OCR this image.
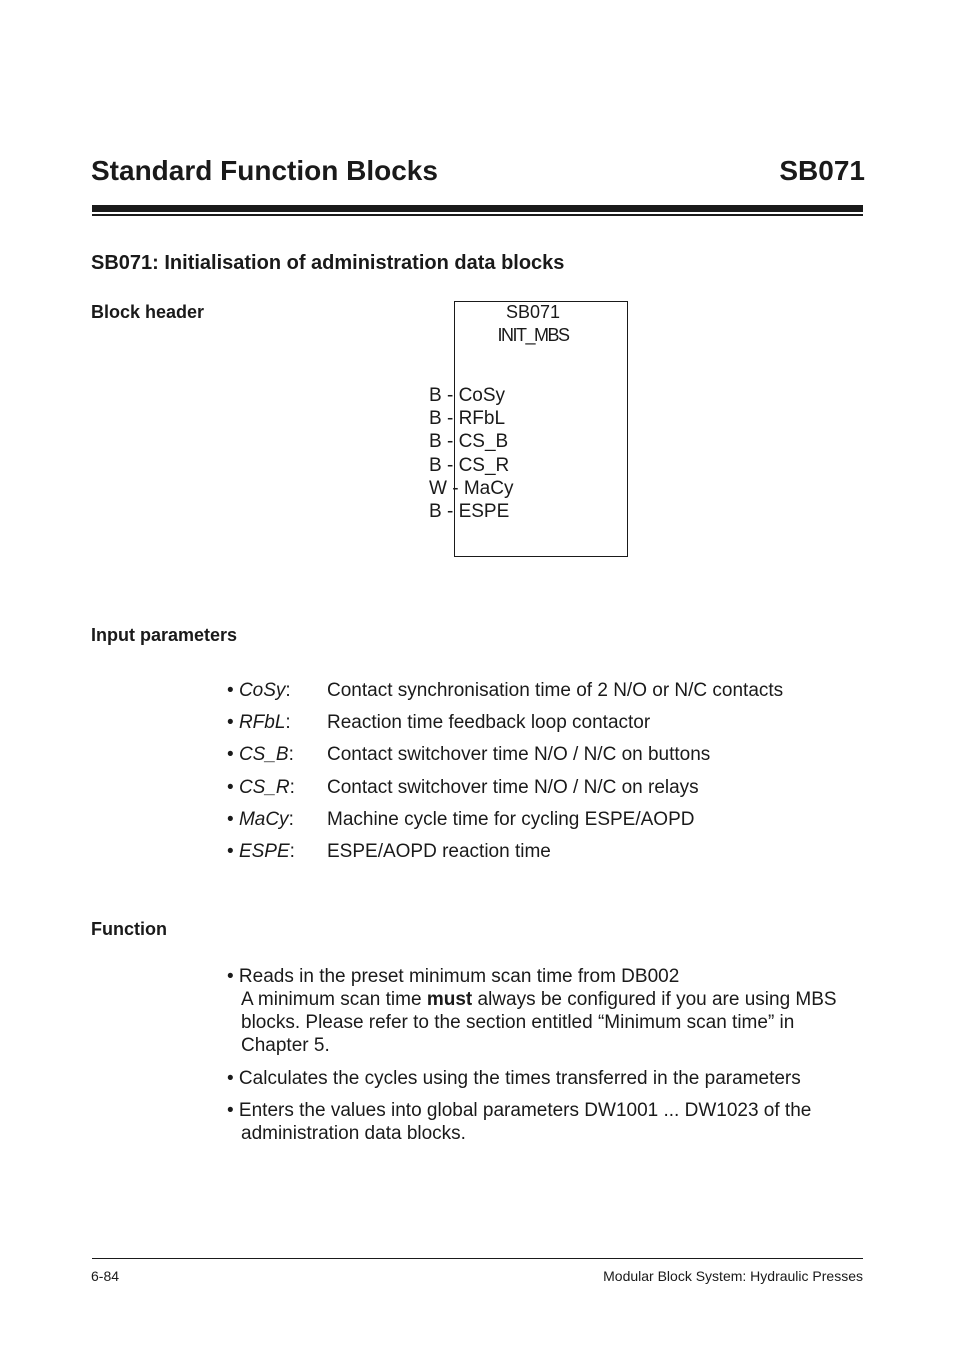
Standard Function Blocks	SB071
SB071: Initialisation of administration data blocks
Block header	SB071
INIT_MBS
B - CoSy
B - RFbL
B - CS_B
B - CS_R
W - MaCy
B - ESPE
Input parameters
• CoSy: Contact synchronisation time of 2 N/O or N/C contacts
• RFbL: Reaction time feedback loop contactor
• CS_B: Contact switchover time N/O / N/C on buttons
• CS_R: Contact switchover time N/O / N/C on relays
• MaCy: Machine cycle time for cycling ESPE/AOPD
• ESPE: ESPE/AOPD reaction time
Function
• Reads in the preset minimum scan time from DB002
A minimum scan time must always be configured if you are using MBS blocks. Please refer to the section entitled “Minimum scan time” in Chapter 5.
• Calculates the cycles using the times transferred in the parameters
• Enters the values into global parameters DW1001 ... DW1023 of the
administration data blocks.
6-84	Modular Block System: Hydraulic Presses
